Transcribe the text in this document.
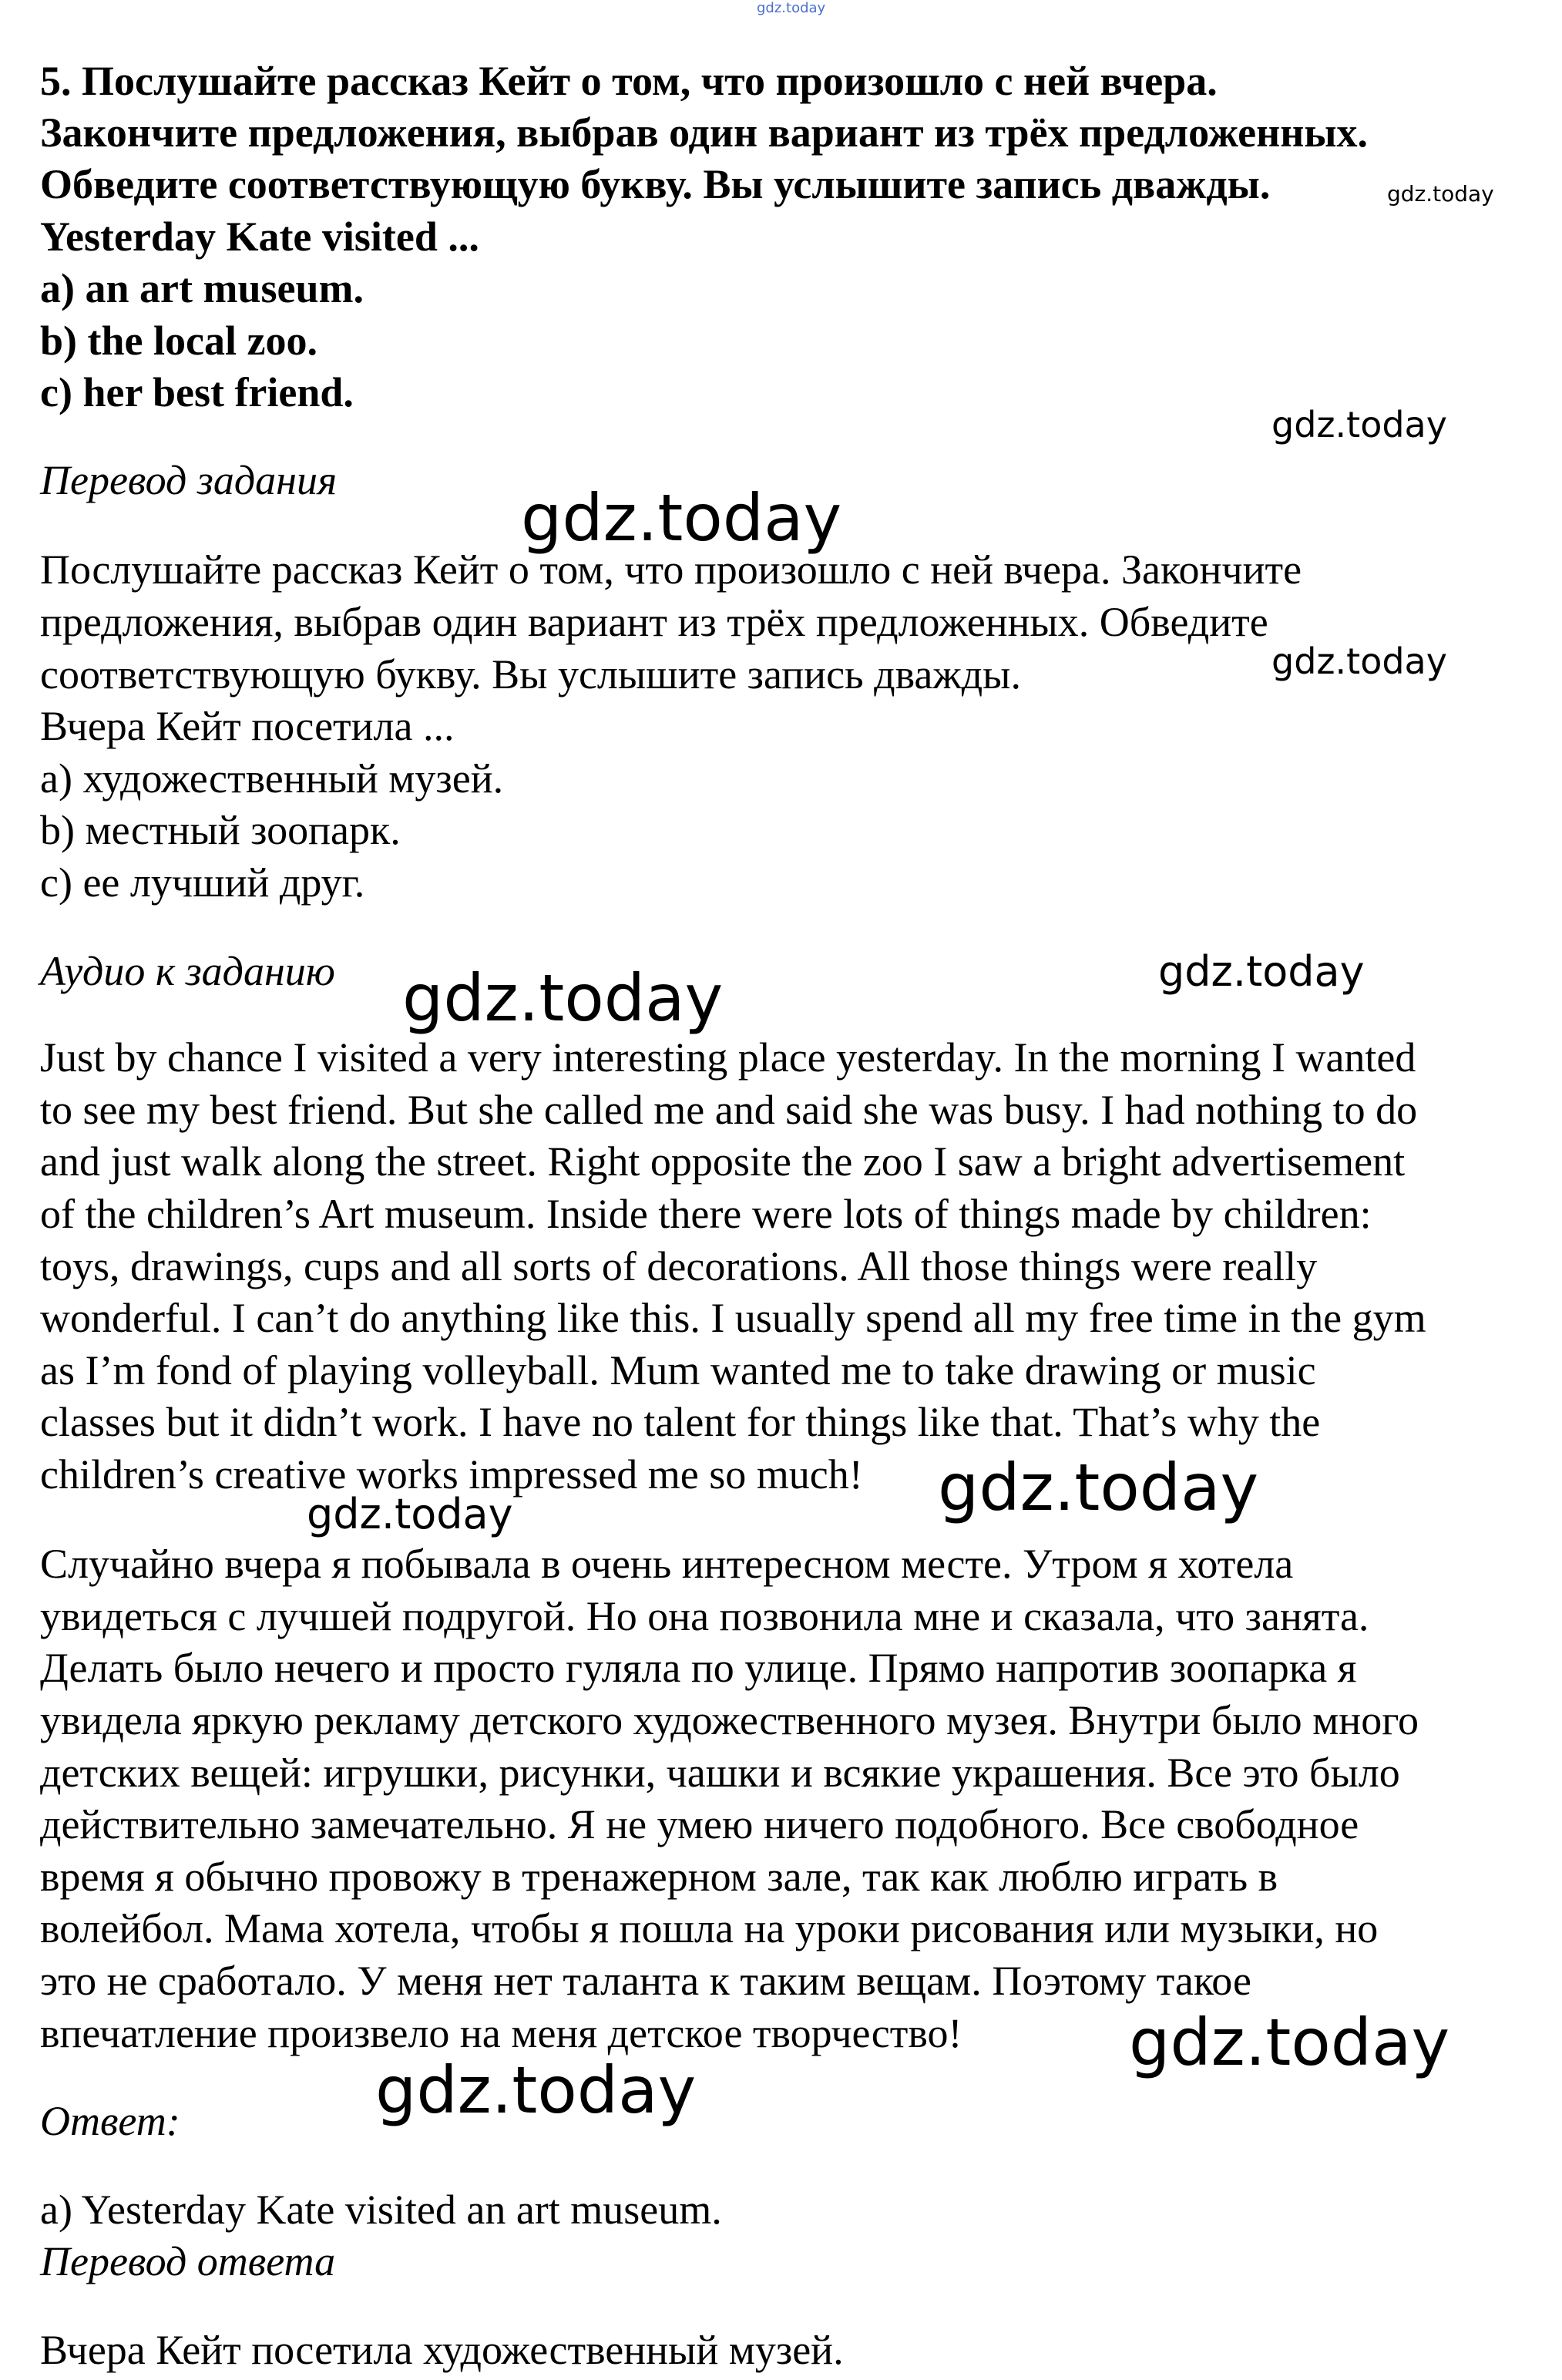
5. Послушайте рассказ Кейт о том, что произошло с ней вчера.
Закончите предложения, выбрав один вариант из трёх предложенных.
Обведите соответствующую букву. Вы услышите запись дважды.
Yesterday Kate visited ...
a) an art museum.
b) the local zoo.
c) her best friend.
Перевод задания
Послушайте рассказ Кейт о том, что произошло с ней вчера. Закончите
предложения, выбрав один вариант из трёх предложенных. Обведите
соответствующую букву. Вы услышите запись дважды.
Вчера Кейт посетила ...
а) художественный музей.
b) местный зоопарк.
c) ее лучший друг.
Аудио к заданию
Just by chance I visited a very interesting place yesterday. In the morning I wanted
to see my best friend. But she called me and said she was busy. I had nothing to do
and just walk along the street. Right opposite the zoo I saw a bright advertisement
of the children’s Art museum. Inside there were lots of things made by children:
toys, drawings, cups and all sorts of decorations. All those things were really
wonderful. I can’t do anything like this. I usually spend all my free time in the gym
as I’m fond of playing volleyball. Mum wanted me to take drawing or music
classes but it didn’t work. I have no talent for things like that. That’s why the
children’s creative works impressed me so much!
Случайно вчера я побывала в очень интересном месте. Утром я хотела
увидеться с лучшей подругой. Но она позвонила мне и сказала, что занята.
Делать было нечего и просто гуляла по улице. Прямо напротив зоопарка я
увидела яркую рекламу детского художественного музея. Внутри было много
детских вещей: игрушки, рисунки, чашки и всякие украшения. Все это было
действительно замечательно. Я не умею ничего подобного. Все свободное
время я обычно провожу в тренажерном зале, так как люблю играть в
волейбол. Мама хотела, чтобы я пошла на уроки рисования или музыки, но
это не сработало. У меня нет таланта к таким вещам. Поэтому такое
впечатление произвело на меня детское творчество!
Ответ:
a) Yesterday Kate visited an art museum.
Перевод ответа
Вчера Кейт посетила художественный музей.
gdz.today
gdz.today
gdz.today
gdz.today
gdz.today
gdz.today
gdz.today
gdz.today
gdz.today
gdz.today
gdz.today
